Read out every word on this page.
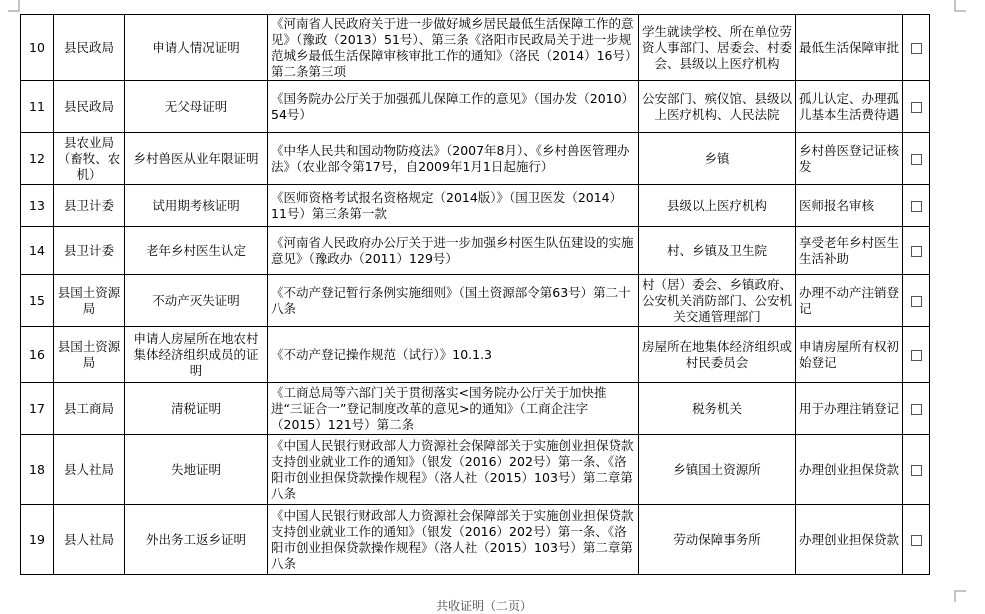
10	县民政局	申请人情况证明	《河南省人民政府关于进一步做好城乡居民最低生活保障工作的意见》（豫政（2013）51号）、第三条《洛阳市民政局关于进一步规范城乡最低生活保障审核审批工作的通知》（洛民（2014）16号）第二条第三项	学生就读学校、所在单位劳资人事部门、居委会、村委会、县级以上医疗机构	最低生活保障审批	
11	县民政局	无父母证明	《国务院办公厅关于加强孤儿保障工作的意见》（国办发（2010）54号）	公安部门、殡仪馆、县级以上医疗机构、人民法院	孤儿认定、办理孤儿基本生活费待遇	
12	县农业局（畜牧、农机）	乡村兽医从业年限证明	《中华人民共和国动物防疫法》（2007年8月）、《乡村兽医管理办法》（农业部令第17号，自2009年1月1日起施行）	乡镇	乡村兽医登记证核发	
13	县卫计委	试用期考核证明	《医师资格考试报名资格规定（2014版）》（国卫医发（2014）11号）第三条第一款	县级以上医疗机构	医师报名审核	
14	县卫计委	老年乡村医生认定	《河南省人民政府办公厅关于进一步加强乡村医生队伍建设的实施意见》（豫政办（2011）129号）	村、乡镇及卫生院	享受老年乡村医生生活补助	
15	县国土资源局	不动产灭失证明	《不动产登记暂行条例实施细则》（国土资源部令第63号）第二十八条	村（居）委会、乡镇政府、公安机关消防部门、公安机关交通管理部门	办理不动产注销登记	
16	县国土资源局	申请人房屋所在地农村集体经济组织成员的证明	《不动产登记操作规范（试行）》10.1.3	房屋所在地集体经济组织或村民委员会	申请房屋所有权初始登记	
17	县工商局	清税证明	《工商总局等六部门关于贯彻落实<国务院办公厅关于加快推进“三证合一”登记制度改革的意见>的通知》（工商企注字（2015）121号）第二条	税务机关	用于办理注销登记	
18	县人社局	失地证明	《中国人民银行财政部人力资源社会保障部关于实施创业担保贷款支持创业就业工作的通知》（银发（2016）202号）第一条、《洛阳市创业担保贷款操作规程》（洛人社（2015）103号）第二章第八条	乡镇国土资源所	办理创业担保贷款	
19	县人社局	外出务工返乡证明	《中国人民银行财政部人力资源社会保障部关于实施创业担保贷款支持创业就业工作的通知》（银发（2016）202号）第一条、《洛阳市创业担保贷款操作规程》（洛人社（2015）103号）第二章第八条	劳动保障事务所	办理创业担保贷款	
共收证明（二页）
